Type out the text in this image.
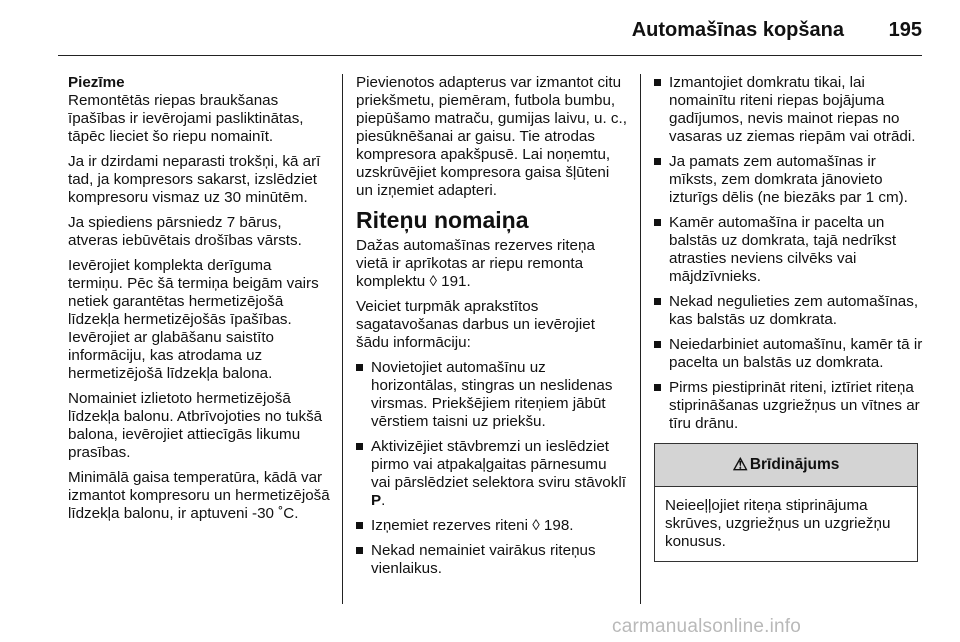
Automašīnas kopšana 195
Piezīme

Remontētās riepas braukšanas īpašības ir ievērojami pasliktinātas, tāpēc lieciet šo riepu nomainīt.

Ja ir dzirdami neparasti trokšņi, kā arī tad, ja kompresors sakarst, izslēdziet kompresoru vismaz uz 30 minūtēm.

Ja spiediens pārsniedz 7 bārus, atveras iebūvētais drošības vārsts.

Ievērojiet komplekta derīguma termiņu. Pēc šā termiņa beigām vairs netiek garantētas hermetizējošā līdzekļa hermetizējošās īpašības. Ievērojiet ar glabāšanu saistīto informāciju, kas atrodama uz hermetizējošā līdzekļa balona.

Nomainiet izlietoto hermetizējošā līdzekļa balonu. Atbrīvojoties no tukšā balona, ievērojiet attiecīgās likumu prasības.

Minimālā gaisa temperatūra, kādā var izmantot kompresoru un hermetizējošā līdzekļa balonu, ir aptuveni -30 ˚C.

Pievienotos adapterus var izmantot citu priekšmetu, piemēram, futbola bumbu, piepūšamo matraču, gumijas laivu, u. c., piesūknēšanai ar gaisu. Tie atrodas kompresora apakšpusē. Lai noņemtu, uzskrūvējiet kompresora gaisa šļūteni un izņemiet adapteri.

Riteņu nomaiņa

Dažas automašīnas rezerves riteņa vietā ir aprīkotas ar riepu remonta komplektu ◊ 191.

Veiciet turpmāk aprakstītos sagatavošanas darbus un ievērojiet šādu informāciju:

Novietojiet automašīnu uz horizontālas, stingras un neslidenas virsmas. Priekšējiem riteņiem jābūt vērstiem taisni uz priekšu.
Aktivizējiet stāvbremzi un ieslēdziet pirmo vai atpakaļgaitas pārnesumu vai pārslēdziet selektora sviru stāvoklī P.
Izņemiet rezerves riteni ◊ 198.
Nekad nemainiet vairākus riteņus vienlaikus.
Izmantojiet domkratu tikai, lai nomainītu riteni riepas bojājuma gadījumos, nevis mainot riepas no vasaras uz ziemas riepām vai otrādi.
Ja pamats zem automašīnas ir mīksts, zem domkrata jānovieto izturīgs dēlis (ne biezāks par 1 cm).
Kamēr automašīna ir pacelta un balstās uz domkrata, tajā nedrīkst atrasties neviens cilvēks vai mājdzīvnieks.
Nekad negulieties zem automašīnas, kas balstās uz domkrata.
Neiedarbiniet automašīnu, kamēr tā ir pacelta un balstās uz domkrata.
Pirms piestiprināt riteni, iztīriet riteņa stiprināšanas uzgriežņus un vītnes ar tīru drānu.
⚠ Brīdinājums
Neieeļļojiet riteņa stiprinājuma skrūves, uzgriežņus un uzgriežņu konusus.
carmanualsonline.info
